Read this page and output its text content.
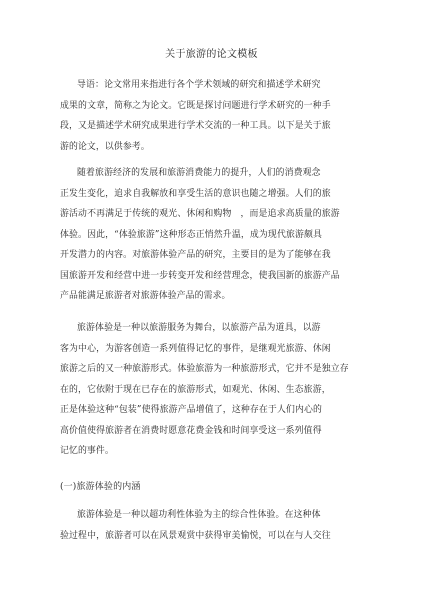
关于旅游的论文模板
导语：论文常用来指进行各个学术领域的研究和描述学术研究
成果的文章，简称之为论文。它既是探讨问题进行学术研究的一种手
段，又是描述学术研究成果进行学术交流的一种工具。以下是关于旅
游的论文，以供参考。
随着旅游经济的发展和旅游消费能力的提升，人们的消费观念
正发生变化，追求自我解放和享受生活的意识也随之增强。人们的旅
游活动不再满足于传统的观光、休闲和购物　，而是追求高质量的旅游
体验。因此，“体验旅游”这种形态正悄然升温，成为现代旅游颇具
开发潜力的内容。对旅游体验产品的研究，主要目的是为了能够在我
国旅游开发和经营中进一步转变开发和经营理念，使我国新的旅游产品
产品能满足旅游者对旅游体验产品的需求。
旅游体验是一种以旅游服务为舞台，以旅游产品为道具，以游
客为中心，为游客创造一系列值得记忆的事件，是继观光旅游、休闲
旅游之后的又一种旅游形式。体验旅游为一种旅游形式，它并不是独立存
在的，它依附于现在已存在的旅游形式，如观光、休闲、生态旅游，
正是体验这种“包装”使得旅游产品增值了，这种存在于人们内心的
高价值使得旅游者在消费时愿意花费金钱和时间享受这一系列值得
记忆的事件。
(一)旅游体验的内涵
旅游体验是一种以超功利性体验为主的综合性体验。在这种体
验过程中，旅游者可以在风景观赏中获得审美愉悦，可以在与人交往
